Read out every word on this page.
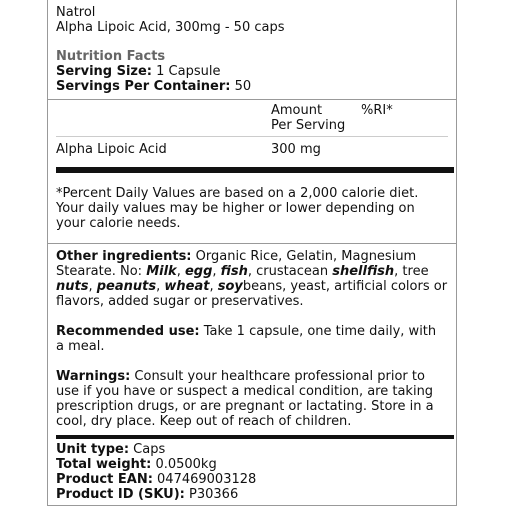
Natrol
Alpha Lipoic Acid, 300mg - 50 caps
Nutrition Facts
Serving Size: 1 Capsule
Servings Per Container: 50
Amount
Per Serving
%RI*
Alpha Lipoic Acid	300 mg

*Percent Daily Values are based on a 2,000 calorie diet. Your daily values may be higher or lower depending on your calorie needs.

Other ingredients: Organic Rice, Gelatin, Magnesium Stearate. No: Milk, egg, fish, crustacean shellfish, tree nuts, peanuts, wheat, soybeans, yeast, artificial colors or flavors, added sugar or preservatives.

Recommended use: Take 1 capsule, one time daily, with a meal.

Warnings: Consult your healthcare professional prior to use if you have or suspect a medical condition, are taking prescription drugs, or are pregnant or lactating. Store in a cool, dry place. Keep out of reach of children.

Unit type: Caps
Total weight: 0.0500kg
Product EAN: 047469003128
Product ID (SKU): P30366
